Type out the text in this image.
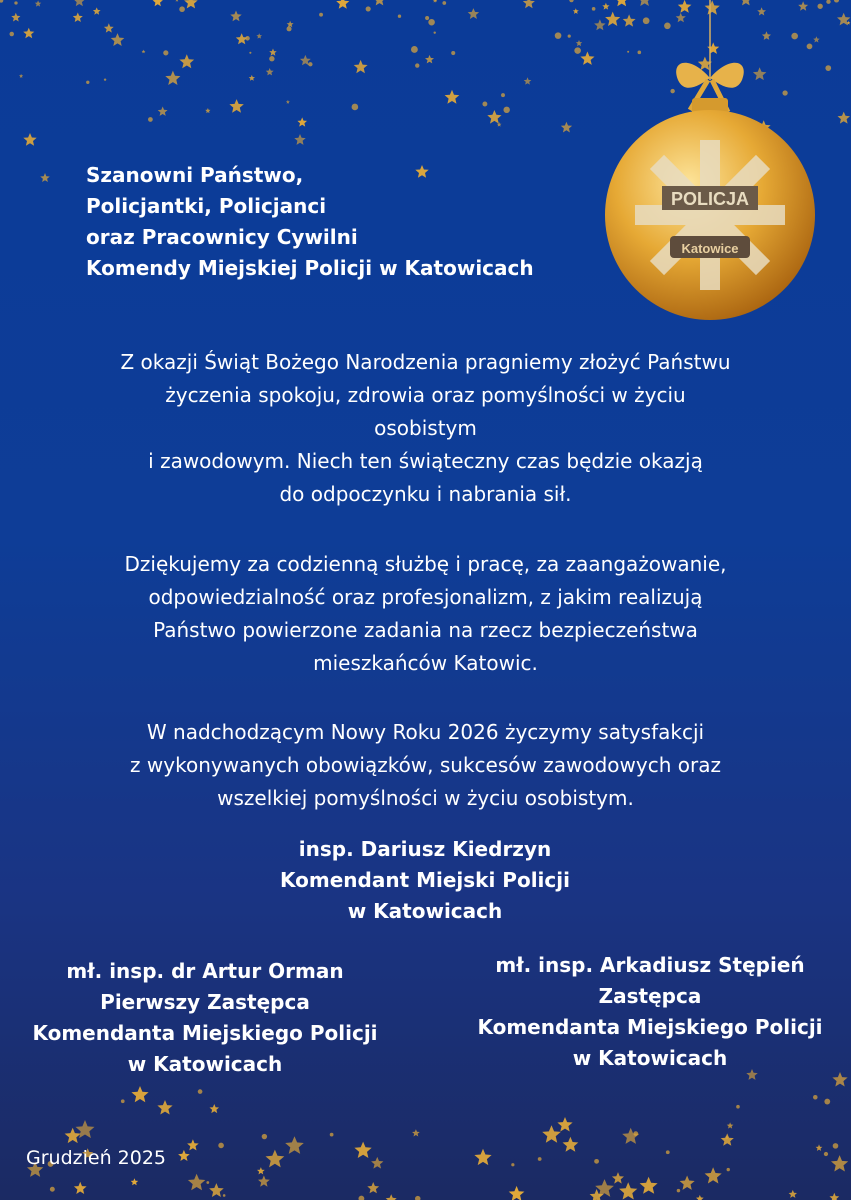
POLICJA
Katowice
Szanowni Państwo,
Policjantki, Policjanci
oraz Pracownicy Cywilni
Komendy Miejskiej Policji w Katowicach
Z okazji Świąt Bożego Narodzenia pragniemy złożyć Państwu
życzenia spokoju, zdrowia oraz pomyślności w życiu
osobistym
i zawodowym. Niech ten świąteczny czas będzie okazją
do odpoczynku i nabrania sił.
Dziękujemy za codzienną służbę i pracę, za zaangażowanie,
odpowiedzialność oraz profesjonalizm, z jakim realizują
Państwo powierzone zadania na rzecz bezpieczeństwa
mieszkańców Katowic.
W nadchodzącym Nowy Roku 2026 życzymy satysfakcji
z wykonywanych obowiązków, sukcesów zawodowych oraz
wszelkiej pomyślności w życiu osobistym.
insp. Dariusz Kiedrzyn
Komendant Miejski Policji
w Katowicach
mł. insp. dr Artur Orman
Pierwszy Zastępca
Komendanta Miejskiego Policji
w Katowicach
mł. insp. Arkadiusz Stępień
Zastępca
Komendanta Miejskiego Policji
w Katowicach
Grudzień 2025
